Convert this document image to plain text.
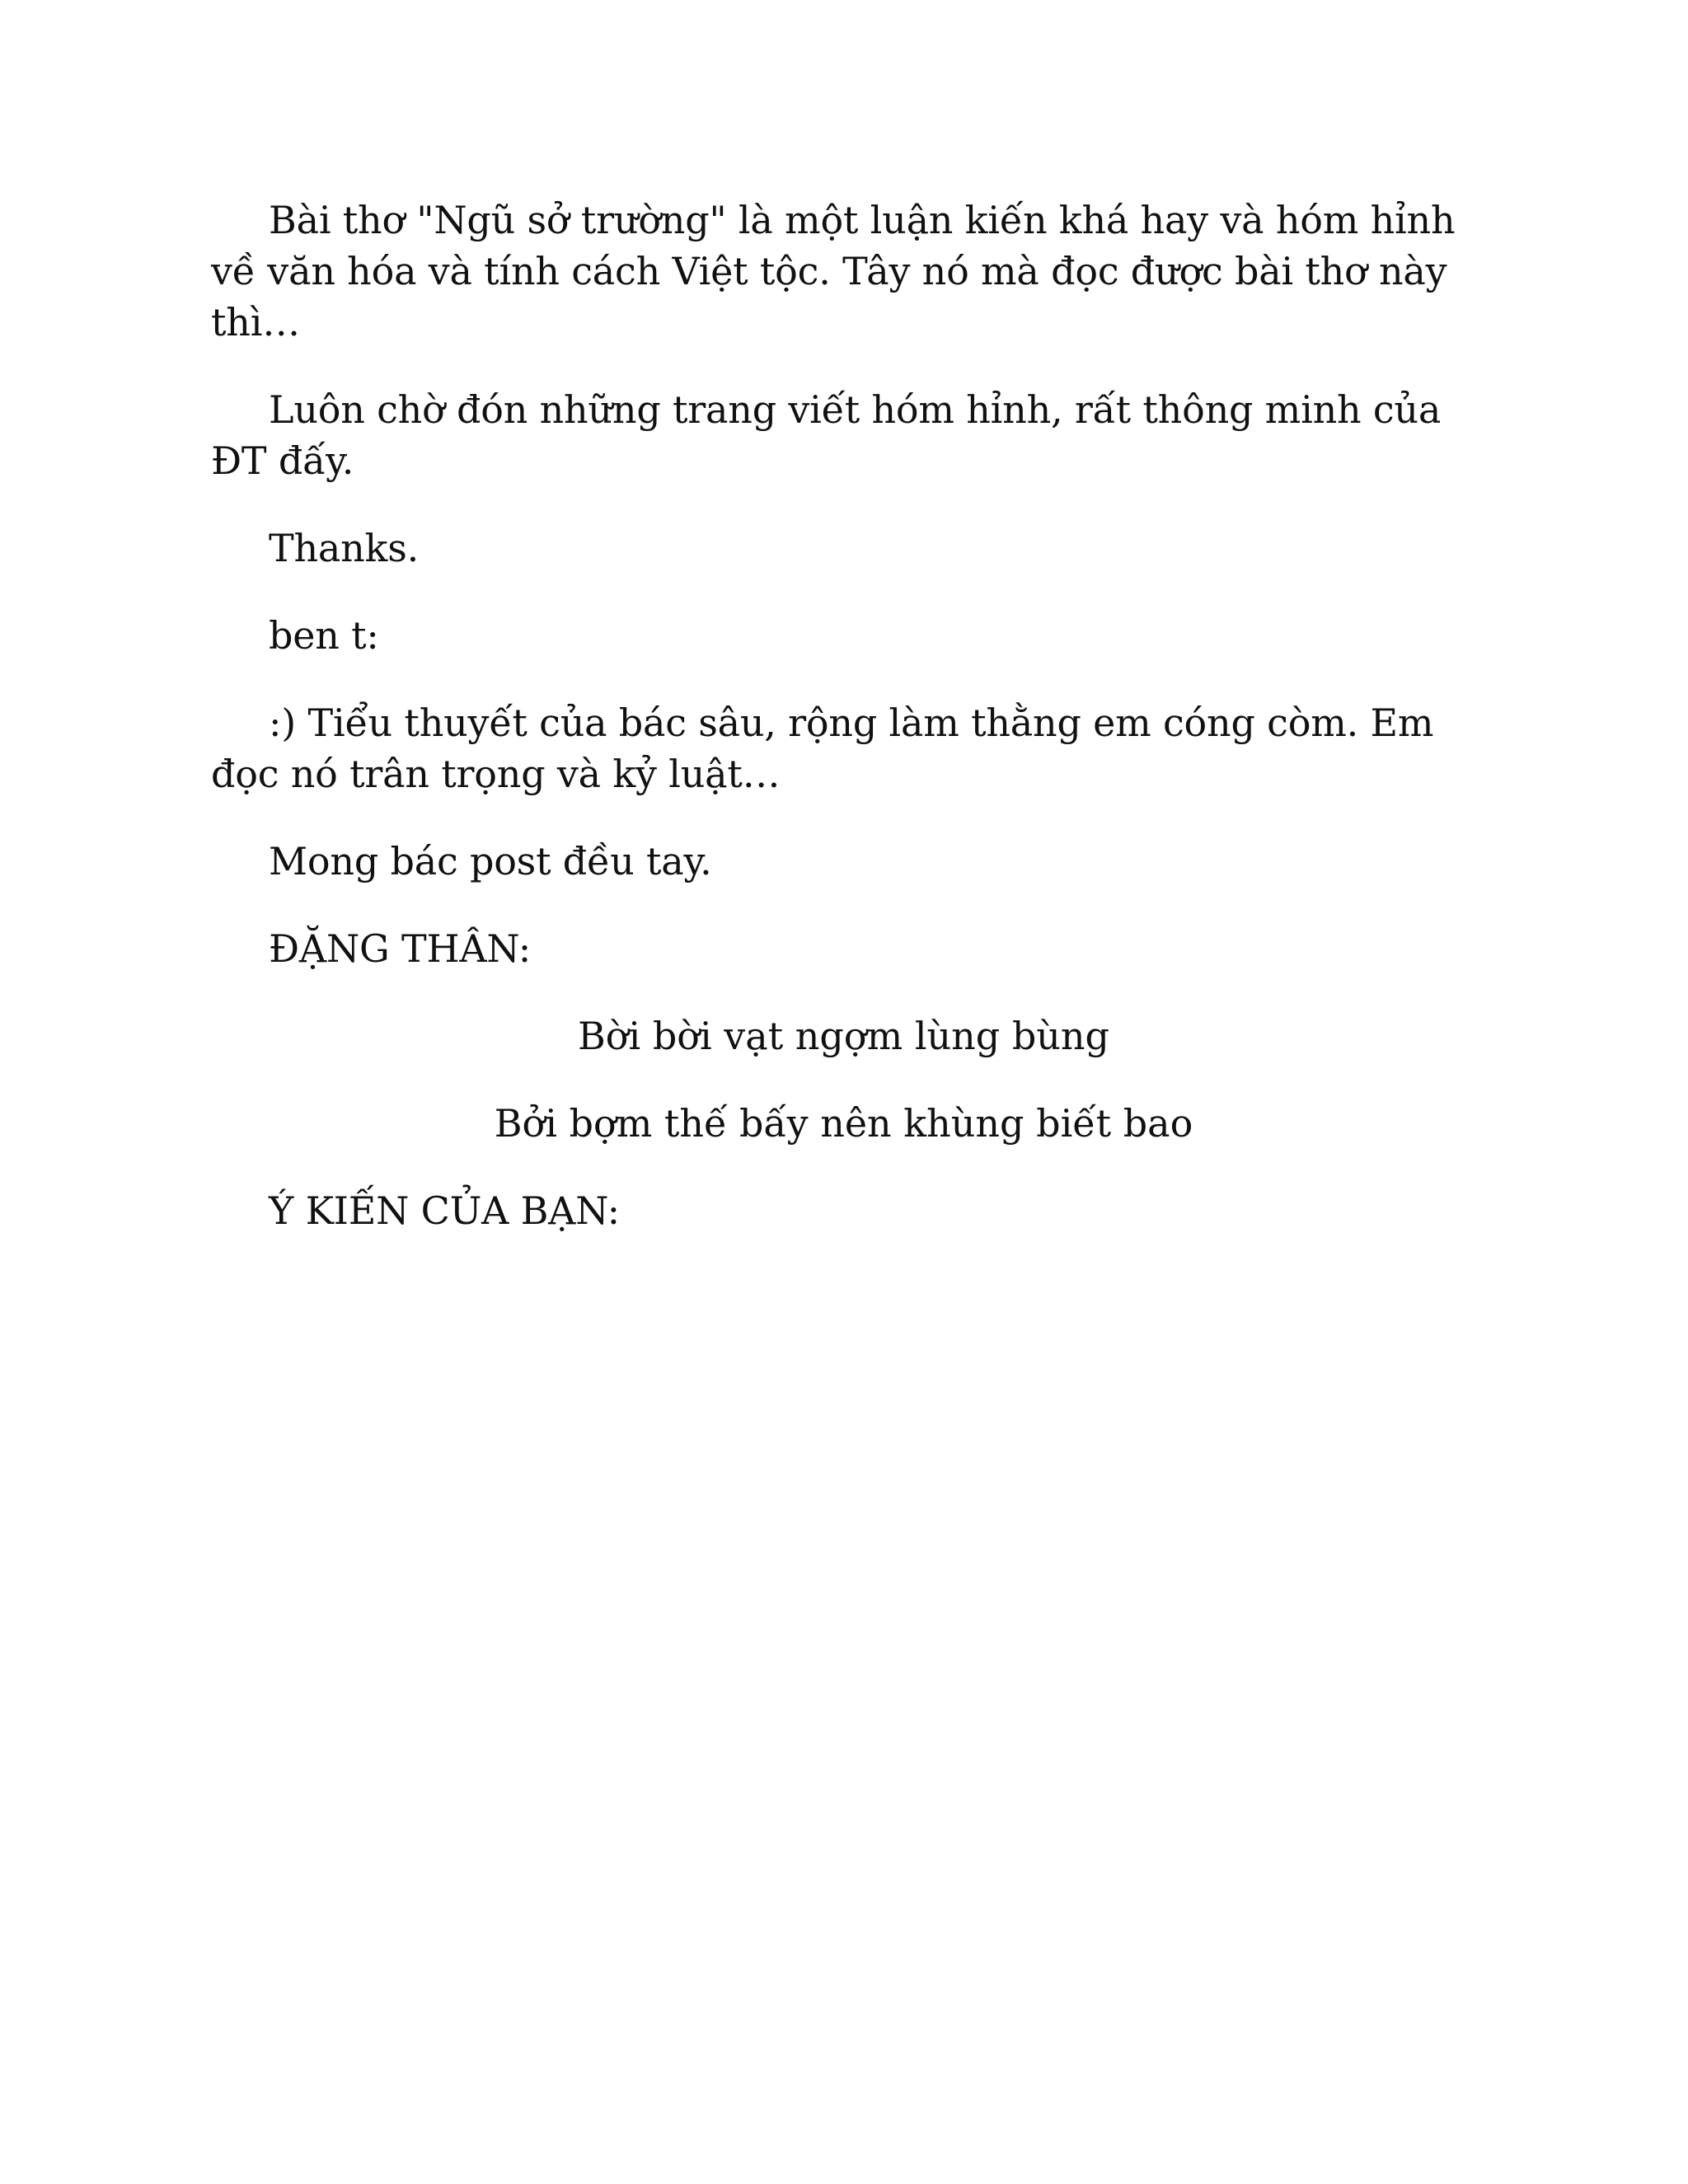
Bài thơ "Ngũ sở trường" là một luận kiến khá hay và hóm hỉnh về văn hóa và tính cách Việt tộc. Tây nó mà đọc được bài thơ này thì…

Luôn chờ đón những trang viết hóm hỉnh, rất thông minh của ĐT đấy.

Thanks.

ben t:

:) Tiểu thuyết của bác sâu, rộng làm thằng em cóng còm. Em đọc nó trân trọng và kỷ luật…

Mong bác post đều tay.

ĐẶNG THÂN:

Bời bời vạt ngợm lùng bùng

Bởi bợm thế bấy nên khùng biết bao

Ý KIẾN CỦA BẠN:
